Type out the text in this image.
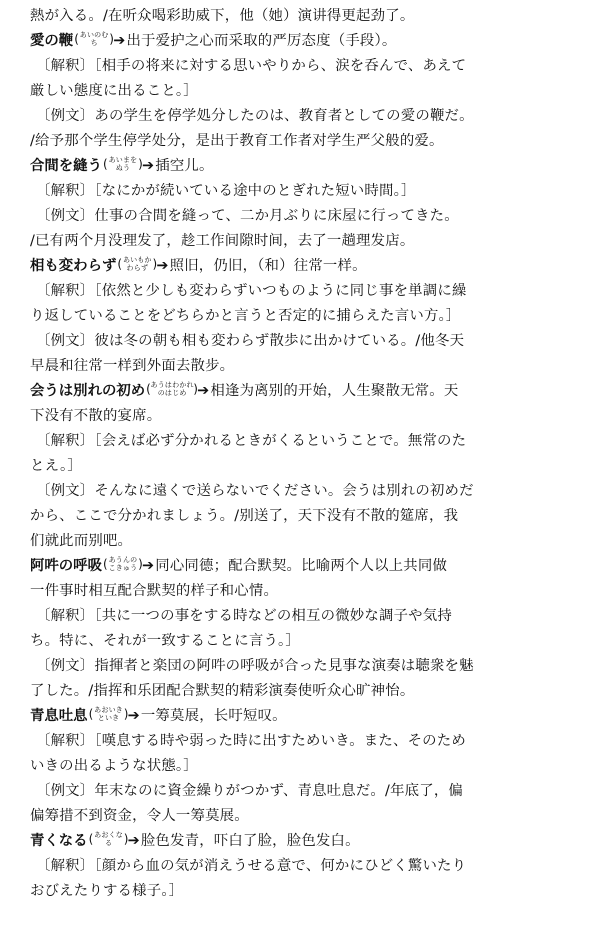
熱が入る。/在听众喝彩助威下，他（她）演讲得更起劲了。
愛の鞭 ( あいのむち ) ➔出于爱护之心而采取的严厉态度（手段）。
〔解釈〕［相手の将来に対する思いやりから、涙を呑んで、あえて
厳しい態度に出ること。］
〔例文〕あの学生を停学処分したのは、教育者としての愛の鞭だ。
/给予那个学生停学处分，是出于教育工作者对学生严父般的爱。
合間を縫う ( あいまをぬう ) ➔插空儿。
〔解釈〕［なにかが続いている途中のとぎれた短い時間。］
〔例文〕仕事の合間を縫って、二か月ぶりに床屋に行ってきた。
/已有两个月没理发了，趁工作间隙时间，去了一趟理发店。
相も変わらず ( あいもかわらず ) ➔照旧，仍旧，（和）往常一样。
〔解釈〕［依然と少しも変わらずいつものように同じ事を単調に繰
り返していることをどちらかと言うと否定的に捕らえた言い方。］
〔例文〕彼は冬の朝も相も変わらず散歩に出かけている。/他冬天
早晨和往常一样到外面去散步。
会うは別れの初め ( あうはわかれのはじめ ) ➔相逢为离别的开始，人生聚散无常。天
下没有不散的宴席。
〔解釈〕［会えば必ず分かれるときがくるということで。無常のた
とえ。］
〔例文〕そんなに遠くで送らないでください。会うは別れの初めだ
から、ここで分かれましょう。/别送了，天下没有不散的筵席，我
们就此而别吧。
阿吽の呼吸 ( あうんのこきゅう ) ➔同心同德；配合默契。比喻两个人以上共同做
一件事时相互配合默契的样子和心情。
〔解釈〕［共に一つの事をする時などの相互の微妙な調子や気持
ち。特に、それが一致することに言う。］
〔例文〕指揮者と楽団の阿吽の呼吸が合った見事な演奏は聴衆を魅
了した。/指挥和乐团配合默契的精彩演奏使听众心旷神怡。
青息吐息 ( あおいきといき ) ➔一筹莫展，长吁短叹。
〔解釈〕［嘆息する時や弱った時に出すためいき。また、そのため
いきの出るような状態。］
〔例文〕年末なのに資金繰りがつかず、青息吐息だ。/年底了，偏
偏筹措不到资金，令人一筹莫展。
青くなる ( あおくなる ) ➔脸色发青，吓白了脸，脸色发白。
〔解釈〕［顔から血の気が消えうせる意で、何かにひどく驚いたり
おびえたりする様子。］
